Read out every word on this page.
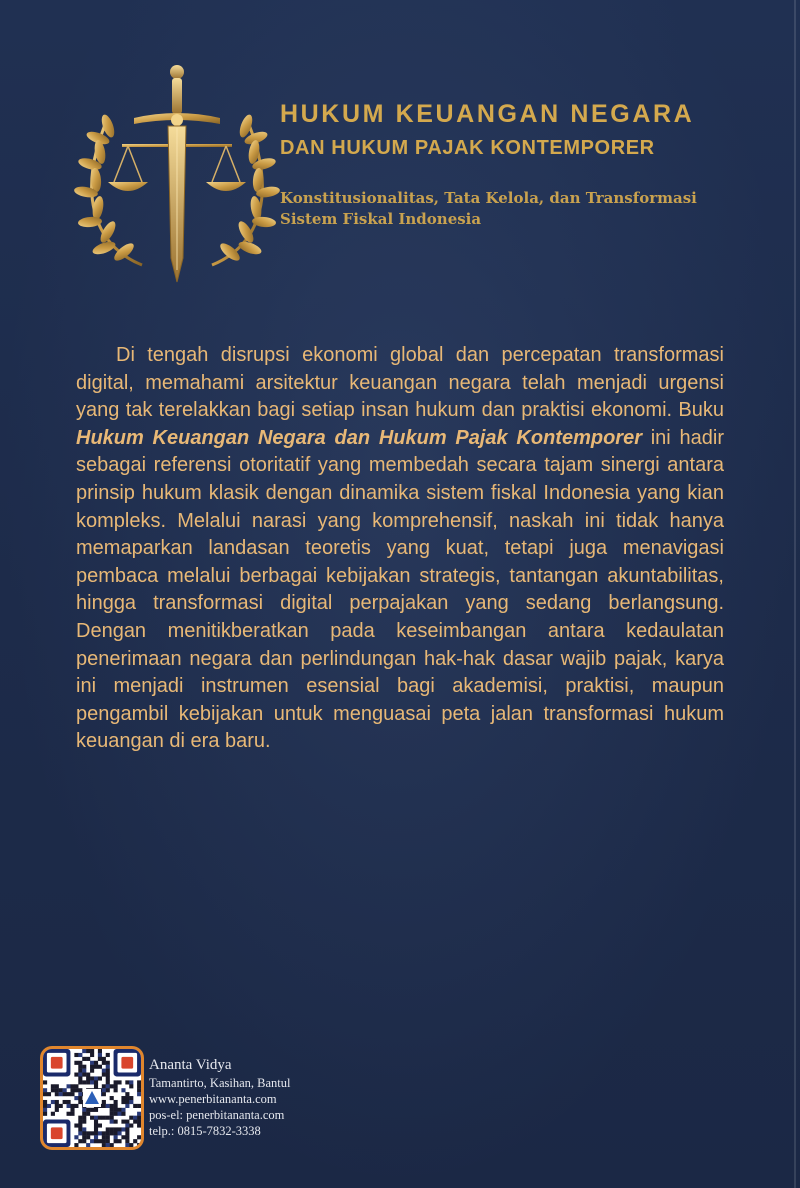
HUKUM KEUANGAN NEGARA
DAN HUKUM PAJAK KONTEMPORER
Konstitusionalitas, Tata Kelola, dan Transformasi
Sistem Fiskal Indonesia
Di tengah disrupsi ekonomi global dan percepatan transformasi digital, memahami arsitektur keuangan negara telah menjadi urgensi yang tak terelakkan bagi setiap insan hukum dan praktisi ekonomi. Buku Hukum Keuangan Negara dan Hukum Pajak Kontemporer ini hadir sebagai referensi otoritatif yang membedah secara tajam sinergi antara prinsip hukum klasik dengan dinamika sistem fiskal Indonesia yang kian kompleks. Melalui narasi yang komprehensif, naskah ini tidak hanya memaparkan landasan teoretis yang kuat, tetapi juga menavigasi pembaca melalui berbagai kebijakan strategis, tantangan akuntabilitas, hingga transformasi digital perpajakan yang sedang berlangsung. Dengan menitikberatkan pada keseimbangan antara kedaulatan penerimaan negara dan perlindungan hak-hak dasar wajib pajak, karya ini menjadi instrumen esensial bagi akademisi, praktisi, maupun pengambil kebijakan untuk menguasai peta jalan transformasi hukum keuangan di era baru.
Ananta Vidya
Tamantirto, Kasihan, Bantul
www.penerbitananta.com
pos-el: penerbitananta.com
telp.: 0815-7832-3338
